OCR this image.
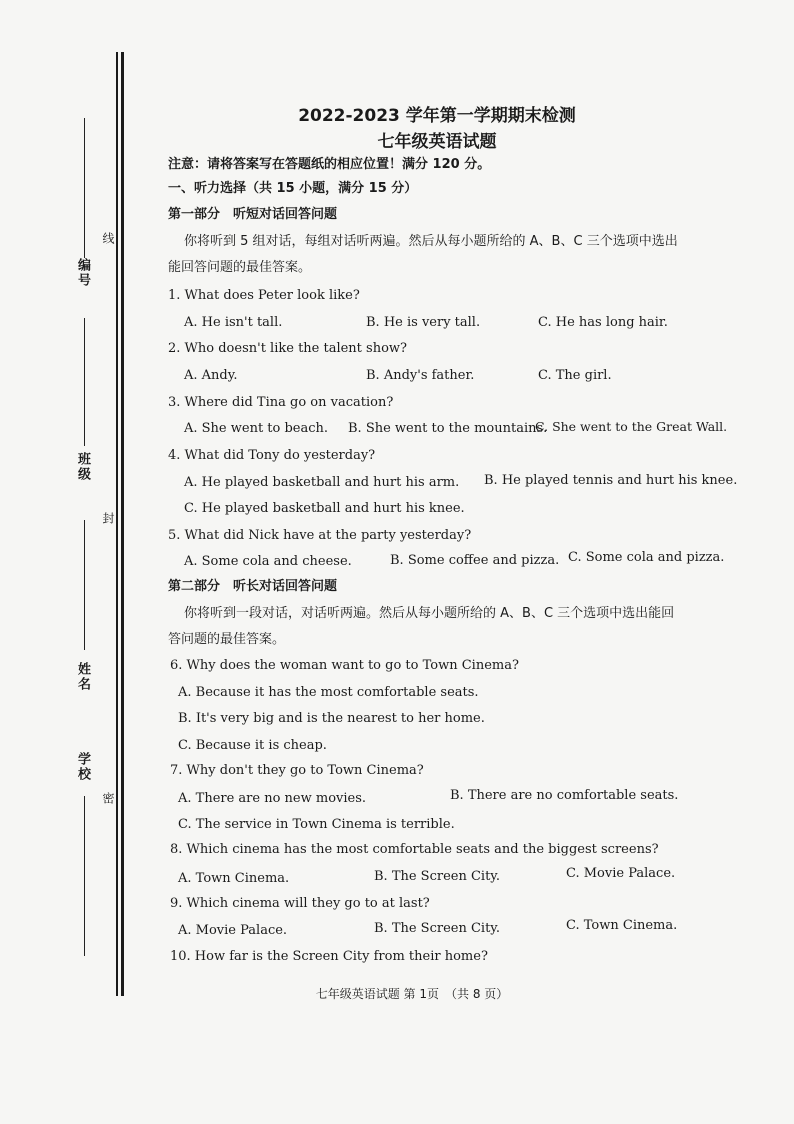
编号
班级
姓名
学校
线
封
密
2022-2023 学年第一学期期末检测
七年级英语试题
注意：请将答案写在答题纸的相应位置！满分 120 分。
一、听力选择（共 15 小题，满分 15 分）
第一部分　听短对话回答问题
你将听到 5 组对话，每组对话听两遍。然后从每小题所给的 A、B、C 三个选项中选出
能回答问题的最佳答案。
1. What does Peter look like?
A. He isn't tall.	B. He is very tall.	C. He has long hair.
2. Who doesn't like the talent show?
A. Andy.	B. Andy's father.	C. The girl.
3. Where did Tina go on vacation?
A. She went to beach. B. She went to the mountains.
C. She went to the Great Wall.
4. What did Tony do yesterday?
A. He played basketball and hurt his arm. B. He played tennis and hurt his knee.
C. He played basketball and hurt his knee.
5. What did Nick have at the party yesterday?
A. Some cola and cheese.	B. Some coffee and pizza. C. Some cola and pizza.
第二部分　听长对话回答问题
你将听到一段对话，对话听两遍。然后从每小题所给的 A、B、C 三个选项中选出能回
答问题的最佳答案。
6. Why does the woman want to go to Town Cinema?
A. Because it has the most comfortable seats.
B. It's very big and is the nearest to her home.
C. Because it is cheap.
7. Why don't they go to Town Cinema?
A. There are no new movies.	B. There are no comfortable seats.
C. The service in Town Cinema is terrible.
8. Which cinema has the most comfortable seats and the biggest screens?
A. Town Cinema.	B. The Screen City.	C. Movie Palace.
9. Which cinema will they go to at last?
A. Movie Palace.	B. The Screen City.	C. Town Cinema.
10. How far is the Screen City from their home?
七年级英语试题 第 1页　（共 8 页）
